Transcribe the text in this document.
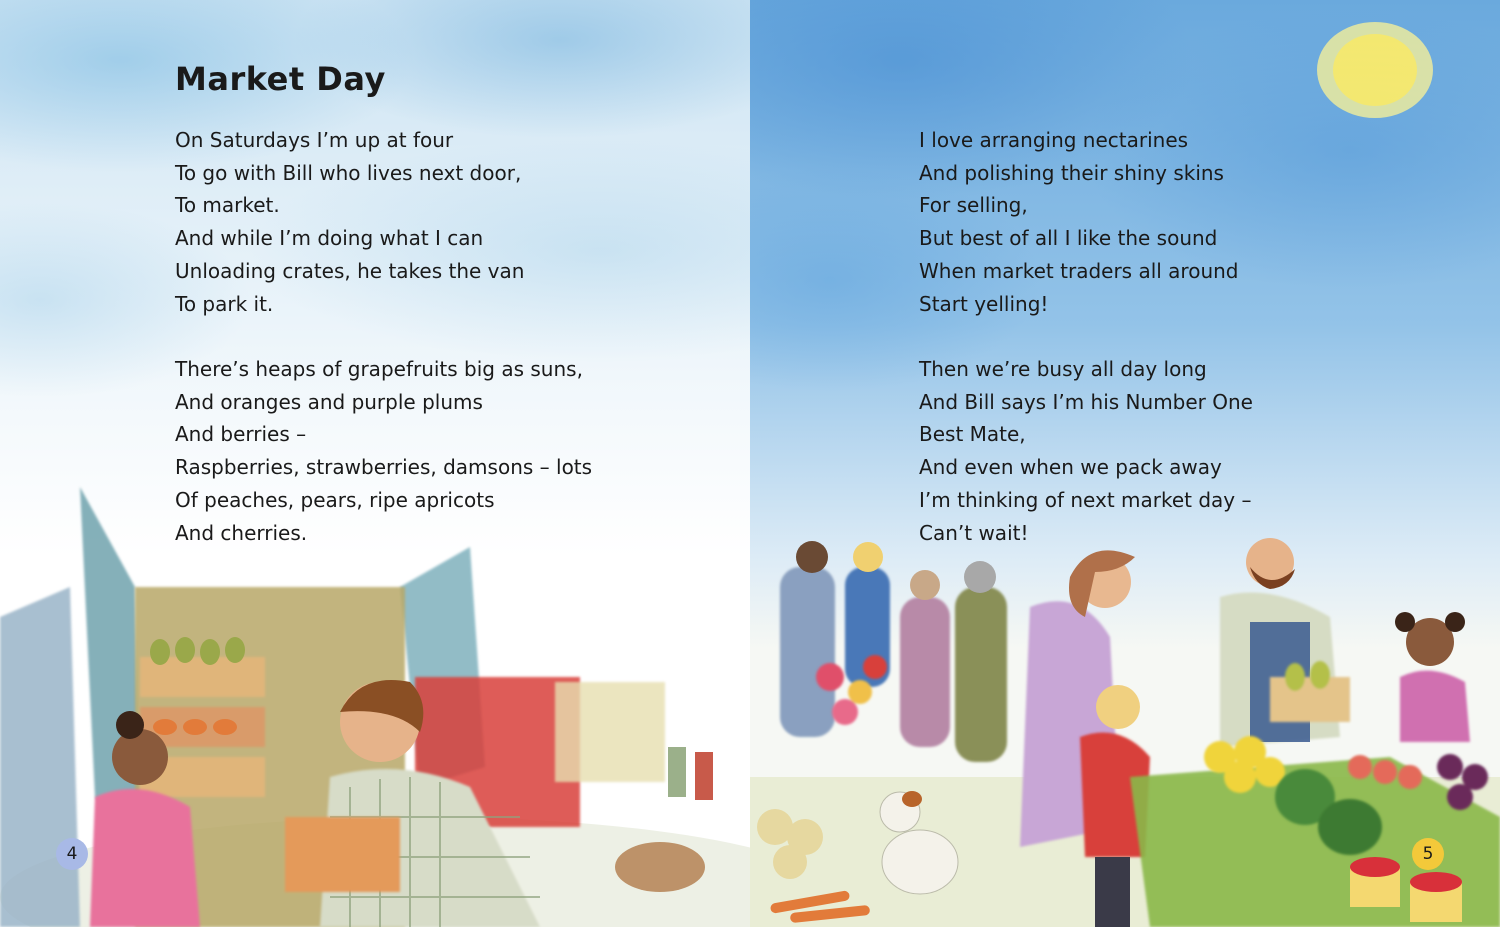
Market Day
On Saturdays I’m up at four
To go with Bill who lives next door,
To market.
And while I’m doing what I can
Unloading crates, he takes the van
To park it.
There’s heaps of grapefruits big as suns,
And oranges and purple plums
And berries –
Raspberries, strawberries, damsons – lots
Of peaches, pears, ripe apricots
And cherries.
4
I love arranging nectarines
And polishing their shiny skins
For selling,
But best of all I like the sound
When market traders all around
Start yelling!
Then we’re busy all day long
And Bill says I’m his Number One
Best Mate,
And even when we pack away
I’m thinking of next market day –
Can’t wait!
5
